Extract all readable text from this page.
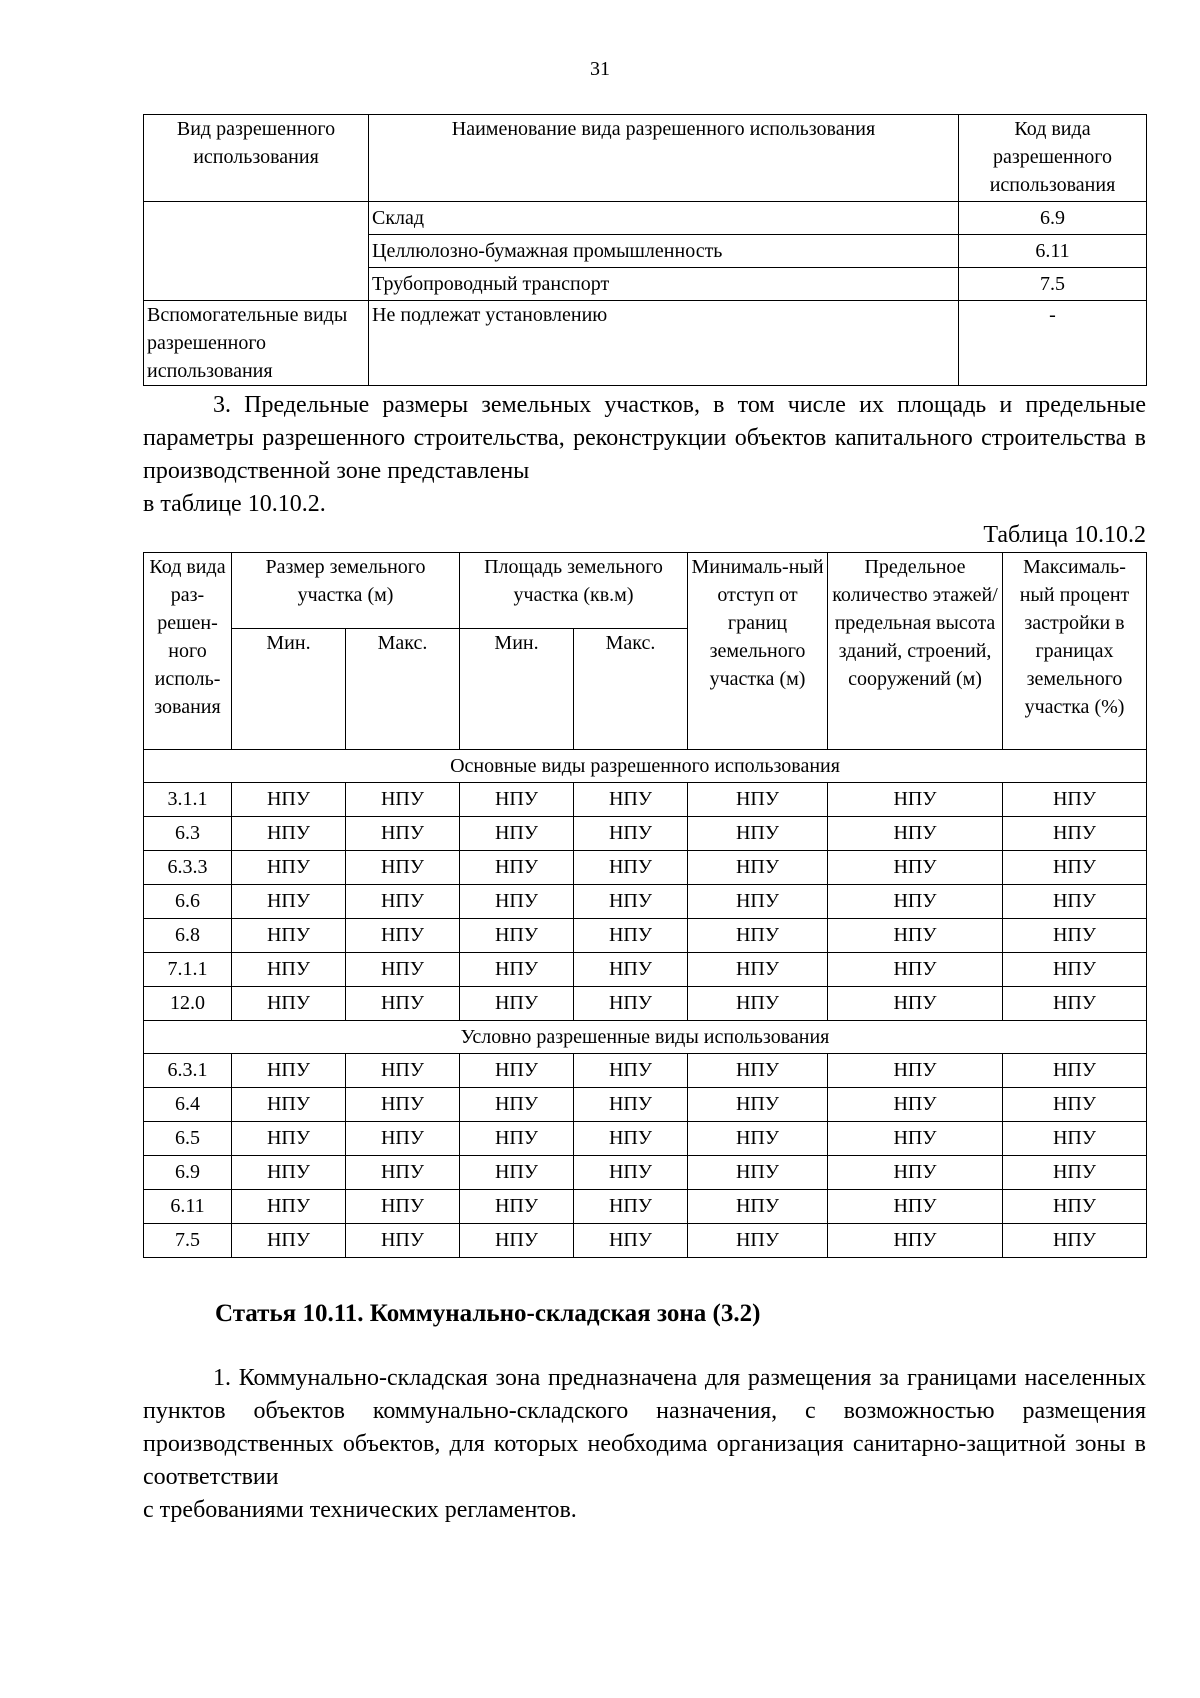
31
Вид разрешенного использования	Наименование вида разрешенного использования	Код вида разрешенного использования
	Склад	6.9
	Целлюлозно-бумажная промышленность	6.11
	Трубопроводный транспорт	7.5
Вспомогательные виды разрешенного использования	Не подлежат установлению	-
3. Предельные размеры земельных участков, в том числе их площадь и предельные параметры разрешенного строительства, реконструкции объектов капитального строительства в производственной зоне представлены
в таблице 10.10.2.
Таблица 10.10.2
Код вида раз-решен-ного исполь-зования	Размер земельного участка (м)		Площадь земельного участка (кв.м)		Минималь-ный отступ от границ земельного участка (м)	Предельное количество этажей/ предельная высота зданий, строений, сооружений (м)	Максималь-ный процент застройки в границах земельного участка (%)
	Мин.	Макс.	Мин.	Макс.			
Основные виды разрешенного использования							
3.1.1	НПУ	НПУ	НПУ	НПУ	НПУ	НПУ	НПУ
6.3	НПУ	НПУ	НПУ	НПУ	НПУ	НПУ	НПУ
6.3.3	НПУ	НПУ	НПУ	НПУ	НПУ	НПУ	НПУ
6.6	НПУ	НПУ	НПУ	НПУ	НПУ	НПУ	НПУ
6.8	НПУ	НПУ	НПУ	НПУ	НПУ	НПУ	НПУ
7.1.1	НПУ	НПУ	НПУ	НПУ	НПУ	НПУ	НПУ
12.0	НПУ	НПУ	НПУ	НПУ	НПУ	НПУ	НПУ
Условно разрешенные виды использования							
6.3.1	НПУ	НПУ	НПУ	НПУ	НПУ	НПУ	НПУ
6.4	НПУ	НПУ	НПУ	НПУ	НПУ	НПУ	НПУ
6.5	НПУ	НПУ	НПУ	НПУ	НПУ	НПУ	НПУ
6.9	НПУ	НПУ	НПУ	НПУ	НПУ	НПУ	НПУ
6.11	НПУ	НПУ	НПУ	НПУ	НПУ	НПУ	НПУ
7.5	НПУ	НПУ	НПУ	НПУ	НПУ	НПУ	НПУ
Статья 10.11. Коммунально-складская зона (3.2)
1. Коммунально-складская зона предназначена для размещения за границами населенных пунктов объектов коммунально-складского назначения, с возможностью размещения производственных объектов, для которых необходима организация санитарно-защитной зоны в соответствии
с требованиями технических регламентов.
